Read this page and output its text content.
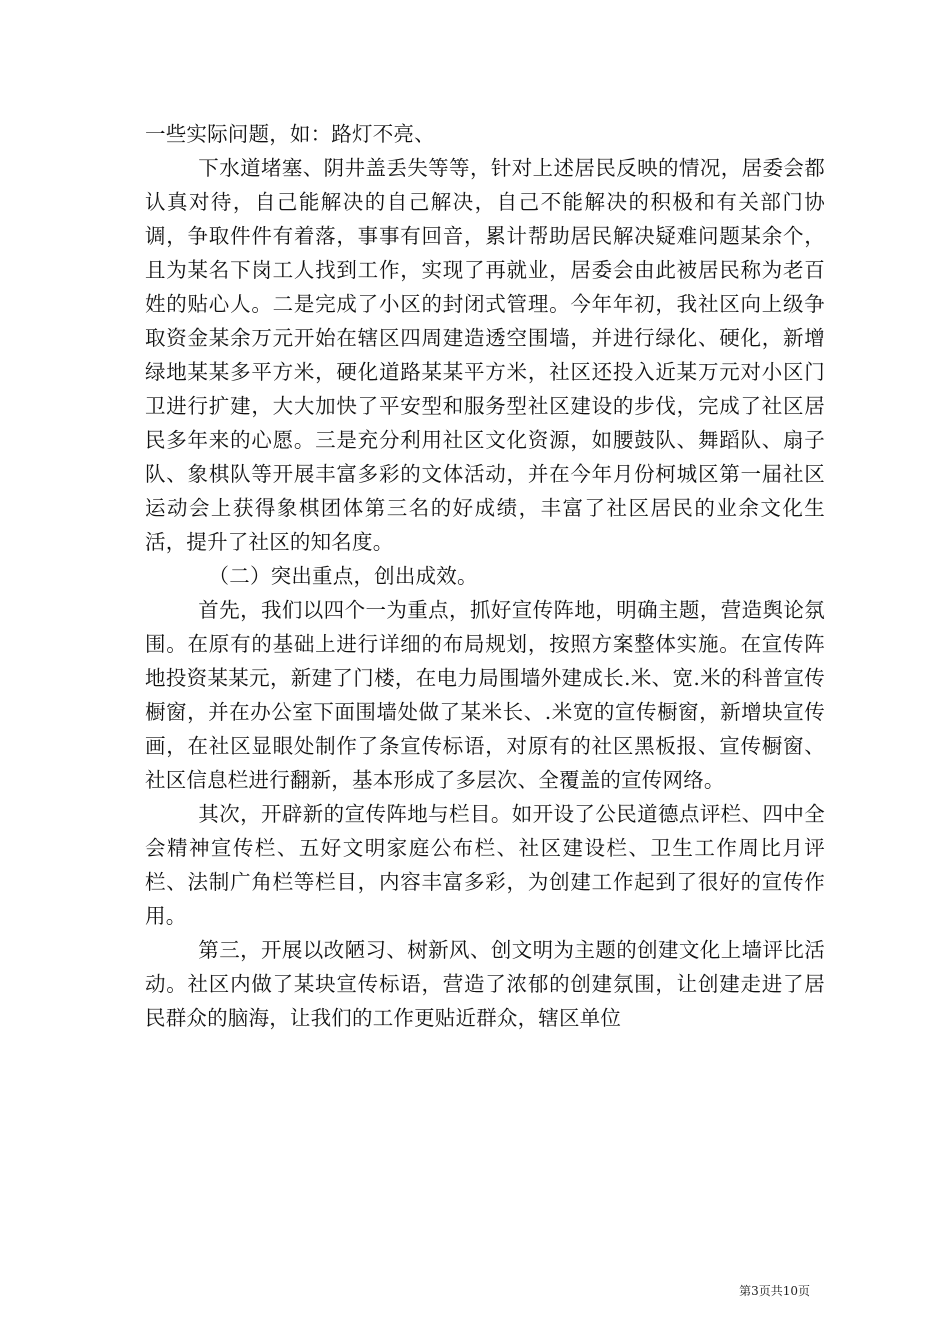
一些实际问题，如：路灯不亮、

下水道堵塞、阴井盖丢失等等，针对上述居民反映的情况，居委会都认真对待，自己能解决的自己解决，自己不能解决的积极和有关部门协调，争取件件有着落，事事有回音，累计帮助居民解决疑难问题某余个，且为某名下岗工人找到工作，实现了再就业，居委会由此被居民称为老百姓的贴心人。二是完成了小区的封闭式管理。今年年初，我社区向上级争取资金某余万元开始在辖区四周建造透空围墙，并进行绿化、硬化，新增绿地某某多平方米，硬化道路某某平方米，社区还投入近某万元对小区门卫进行扩建，大大加快了平安型和服务型社区建设的步伐，完成了社区居民多年来的心愿。三是充分利用社区文化资源，如腰鼓队、舞蹈队、扇子队、象棋队等开展丰富多彩的文体活动，并在今年月份柯城区第一届社区运动会上获得象棋团体第三名的好成绩，丰富了社区居民的业余文化生活，提升了社区的知名度。

（二）突出重点，创出成效。

首先，我们以四个一为重点，抓好宣传阵地，明确主题，营造舆论氛围。在原有的基础上进行详细的布局规划，按照方案整体实施。在宣传阵地投资某某元，新建了门楼，在电力局围墙外建成长.米、宽.米的科普宣传橱窗，并在办公室下面围墙处做了某米长、.米宽的宣传橱窗，新增块宣传画，在社区显眼处制作了条宣传标语，对原有的社区黑板报、宣传橱窗、社区信息栏进行翻新，基本形成了多层次、全覆盖的宣传网络。

其次，开辟新的宣传阵地与栏目。如开设了公民道德点评栏、四中全会精神宣传栏、五好文明家庭公布栏、社区建设栏、卫生工作周比月评栏、法制广角栏等栏目，内容丰富多彩，为创建工作起到了很好的宣传作用。

第三，开展以改陋习、树新风、创文明为主题的创建文化上墙评比活动。社区内做了某块宣传标语，营造了浓郁的创建氛围，让创建走进了居民群众的脑海，让我们的工作更贴近群众，辖区单位

第3页共10页
